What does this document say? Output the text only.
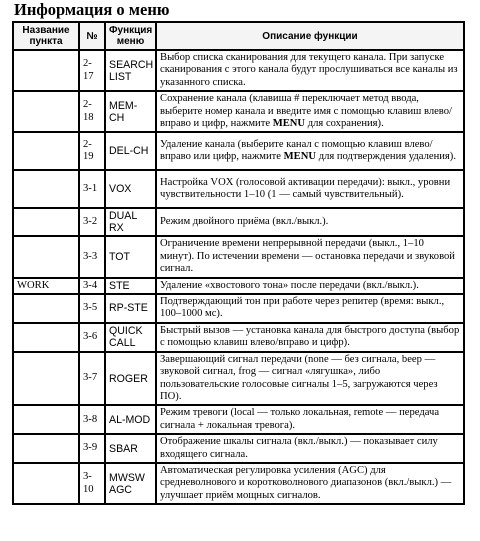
Информация о меню
Название пункта	№	Функция меню	Описание функции
	2-17	SEARCH LIST	Выбор списка сканирования для текущего канала. При запуске сканирования с этого канала будут прослушиваться все каналы из указанного списка.
	2-18	MEM-CH	Сохранение канала (клавиша # переключает метод ввода, выберите номер канала и введите имя с помощью клавиш влево/вправо и цифр, нажмите MENU для сохранения).
	2-19	DEL-CH	Удаление канала (выберите канал с помощью клавиш влево/вправо или цифр, нажмите MENU для подтверждения удаления).
	3-1	VOX	Настройка VOX (голосовой активации передачи): выкл., уровни чувствительности 1–10 (1 — самый чувствительный).
	3-2	DUAL RX	Режим двойного приёма (вкл./выкл.).
	3-3	TOT	Ограничение времени непрерывной передачи (выкл., 1–10 минут). По истечении времени — остановка передачи и звуковой сигнал.
WORK	3-4	STE	Удаление «хвостового тона» после передачи (вкл./выкл.).
	3-5	RP-STE	Подтверждающий тон при работе через репитер (время: выкл., 100–1000 мс).
	3-6	QUICK CALL	Быстрый вызов — установка канала для быстрого доступа (выбор с помощью клавиш влево/вправо и цифр).
	3-7	ROGER	Завершающий сигнал передачи (none — без сигнала, beep — звуковой сигнал, frog — сигнал «лягушка», либо пользовательские голосовые сигналы 1–5, загружаются через ПО).
	3-8	AL-MOD	Режим тревоги (local — только локальная, remote — передача сигнала + локальная тревога).
	3-9	SBAR	Отображение шкалы сигнала (вкл./выкл.) — показывает силу входящего сигнала.
	3-10	MWSW AGC	Автоматическая регулировка усиления (AGC) для средневолнового и коротковолнового диапазонов (вкл./выкл.) — улучшает приём мощных сигналов.
